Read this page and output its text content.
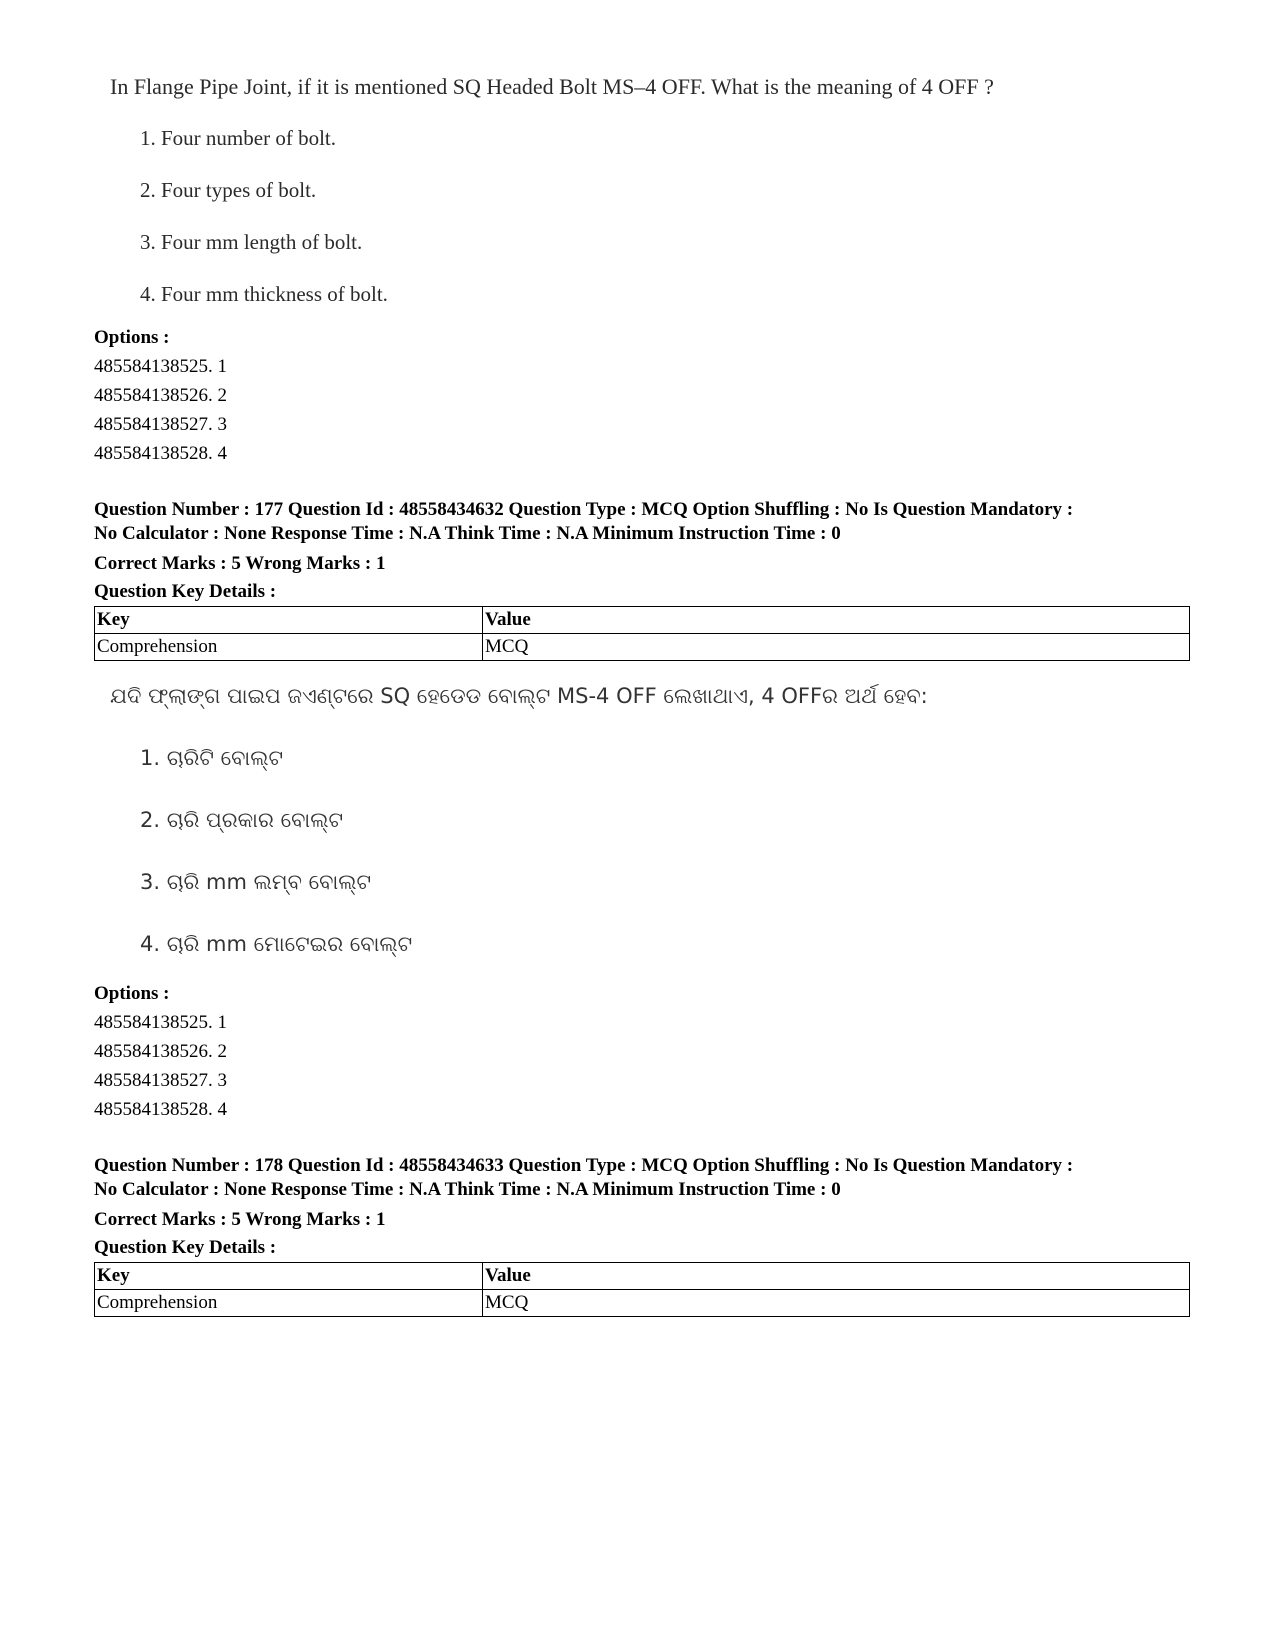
In Flange Pipe Joint, if it is mentioned SQ Headed Bolt MS–4 OFF. What is the meaning of 4 OFF ?
1. Four number of bolt.
2. Four types of bolt.
3. Four mm length of bolt.
4. Four mm thickness of bolt.
Options :
485584138525. 1
485584138526. 2
485584138527. 3
485584138528. 4
Question Number : 177 Question Id : 48558434632 Question Type : MCQ Option Shuffling : No Is Question Mandatory :
No Calculator : None Response Time : N.A Think Time : N.A Minimum Instruction Time : 0
Correct Marks : 5 Wrong Marks : 1
Question Key Details :
Key	Value
Comprehension	MCQ
ଯଦି ଫ୍ଲାଙ୍ଗ ପାଇପ ଜଏଣ୍ଟରେ SQ ହେଡେଡ ବୋଲ୍ଟ MS-4 OFF ଲେଖାଥାଏ, 4 OFFର ଅର୍ଥ ହେବ:
1. ଚାରିଟି ବୋଲ୍ଟ
2. ଚାରି ପ୍ରକାର ବୋଲ୍ଟ
3. ଚାରି mm ଲମ୍ବ ବୋଲ୍ଟ
4. ଚାରି mm ମୋଟେଇର ବୋଲ୍ଟ
Options :
485584138525. 1
485584138526. 2
485584138527. 3
485584138528. 4
Question Number : 178 Question Id : 48558434633 Question Type : MCQ Option Shuffling : No Is Question Mandatory :
No Calculator : None Response Time : N.A Think Time : N.A Minimum Instruction Time : 0
Correct Marks : 5 Wrong Marks : 1
Question Key Details :
Key	Value
Comprehension	MCQ
